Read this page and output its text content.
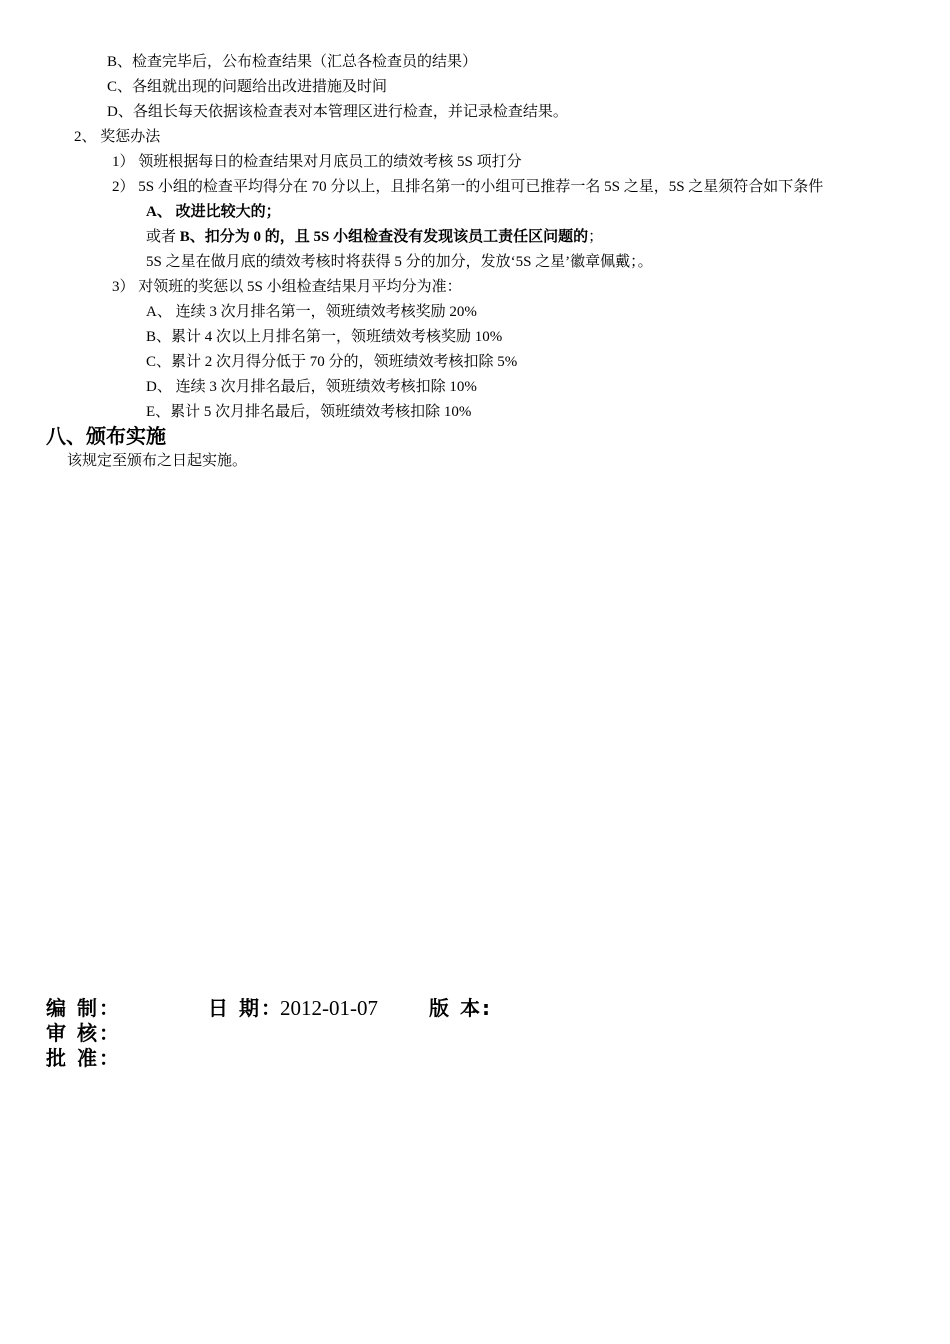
B、检查完毕后，公布检查结果（汇总各检查员的结果）
C、各组就出现的问题给出改进措施及时间
D、各组长每天依据该检查表对本管理区进行检查，并记录检查结果。
2、 奖惩办法
1） 领班根据每日的检查结果对月底员工的绩效考核 5S 项打分
2） 5S 小组的检查平均得分在 70 分以上，且排名第一的小组可已推荐一名 5S 之星，5S 之星须符合如下条件
A、 改进比较大的；
或者 B、扣分为 0 的，且 5S 小组检查没有发现该员工责任区问题的；
5S 之星在做月底的绩效考核时将获得 5 分的加分，发放‘5S 之星’徽章佩戴；。
3） 对领班的奖惩以 5S 小组检查结果月平均分为准：
A、 连续 3 次月排名第一，领班绩效考核奖励 20%
B、累计 4 次以上月排名第一，领班绩效考核奖励 10%
C、累计 2 次月得分低于 70 分的，领班绩效考核扣除 5%
D、 连续 3 次月排名最后，领班绩效考核扣除 10%
E、累计 5 次月排名最后，领班绩效考核扣除 10%
八、颁布实施
该规定至颁布之日起实施。
编 制：	日 期：
2012-01-07	版 本:
审 核：
批 准：
